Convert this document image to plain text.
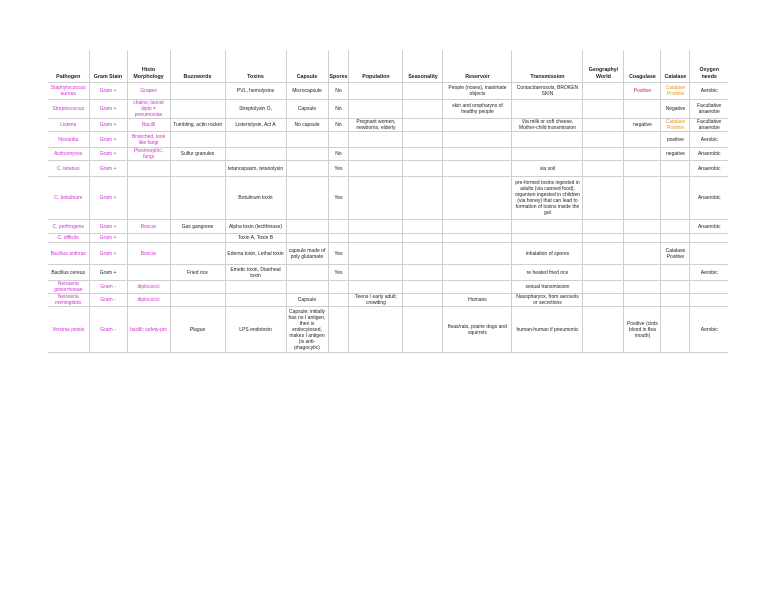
Pathogen	Gram Stain	Histo Morphology	Buzzwords	Toxins	Capsule	Spores	Population	Seasonality	Reservoir	Transmission	Geography/ World	Coagulase	Catalase	Oxygen needs
Staphylococcus aureus	Gram +	Grapes		PVL, hemolysins	Microcapsule	No			People (noses), inanimate objects	Contact/aerosols, BROKEN SKIN		Positive	Catalase Positive	Aerobic
Streptococcus	Gram +	chains; lancet diplo = pneumoniae		Streptolysin O,	Capsule	No			skin and oropharynx of healthy people				Negative	Facultative anaerobe
Listeria	Gram +	Bacilli	Tumbling, actin rocket	Listeriolysin, Act A	No capsule	No	Pregnant women, newborns, elderly			Via milk or soft cheese, Mother-child transmission		negative	Catalase Positive	Facultative anaerobe
Nocardia	Gram +	Branched, look like fungi											positive	Aerobic
Actinomyces	Gram +	Pleomorphic, fungi	Sulfur granules			No							negative	Anaerobic
C. tetanus	Gram +			tetanospasm, tetanolysin		Yes				via soil				Anaerobic
C. botulinum	Gram +			Botulinum toxin		Yes				pre-formed toxins ingested in adults (via canned food), organism ingested in children (via honey) that can lead to formation of toxins inside the gut				Anaerobic
C. perfringens	Gram +	Boxcar	Gas gangrene	Alpha toxin (lecithinase)										Anaerobic
C. difficile	Gram +			Toxin A, Toxin B										
Bacillus anthrax	Gram +	Boxcar		Edema toxin, Lethal toxin	capsule made of poly glutamate	Yes				inhalation of spores			Catalase Positive	
Bacillus cereus	Gram +		Fried rice	Emetic toxin, Diarrheal toxin		Yes				re heated fried rice				Aerobic
Neisseria gonorrhoeae	Gram -	diplococci								sexual transmission				
Neisseria meningitidis	Gram -	diplococci			Capsule		Teens / early adult; crowding		Humans	Nasopharynx, from aerosols or secretions				
Yersinia pestis	Gram -	bacilli; safety-pin	Plague	LPS endotoxin	Capsule; initially has no I antigen, then is endocytosed, makes I antigen (is anti-phagocytic)				fleas/rats, prairie dogs and squirrels	human-human if pneumonic		Positive (clots blood in flea mouth)		Aerobic
